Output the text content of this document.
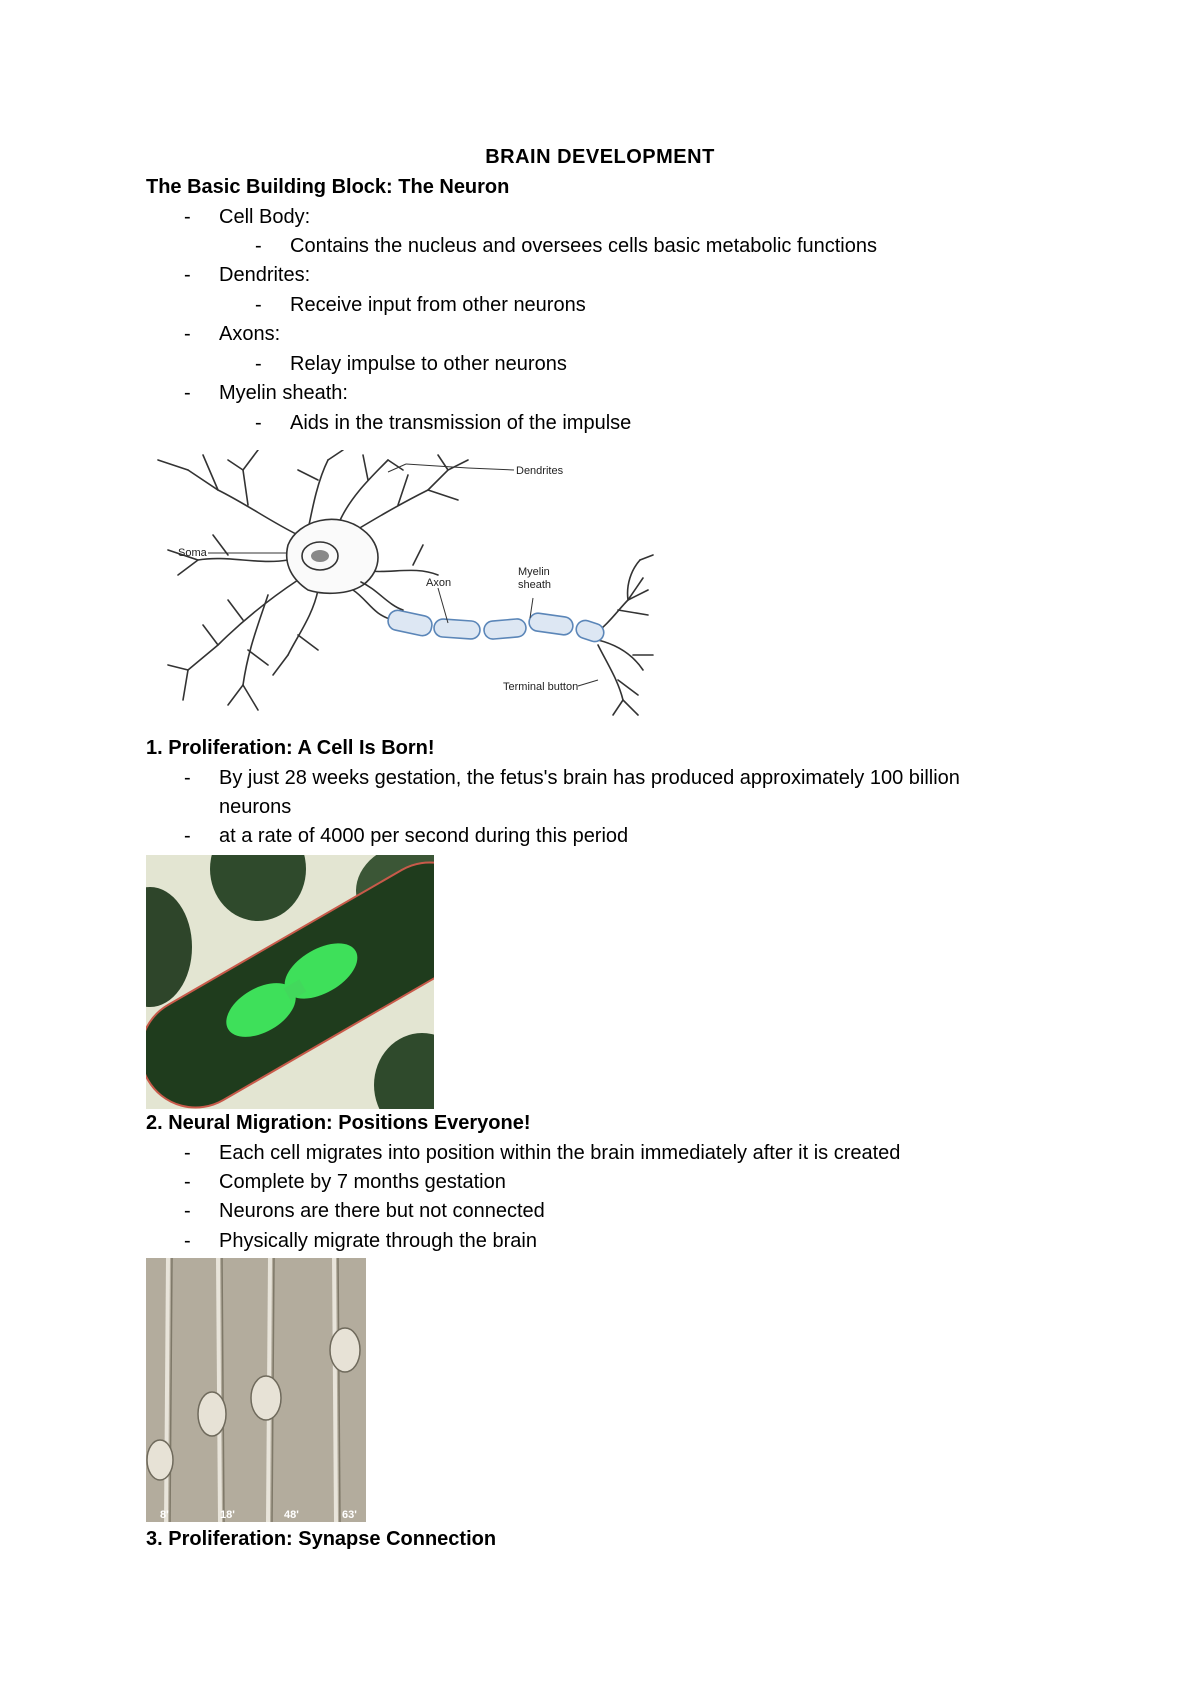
BRAIN DEVELOPMENT
The Basic Building Block: The Neuron
- Cell Body:
- Contains the nucleus and oversees cells basic metabolic functions
- Dendrites:
- Receive input from other neurons
- Axons:
- Relay impulse to other neurons
- Myelin sheath:
- Aids in the transmission of the impulse
Dendrites
Soma
Axon
Myelin
sheath
Terminal button
1. Proliferation: A Cell Is Born!
- By just 28 weeks gestation, the fetus's brain has produced approximately 100 billion
neurons
- at a rate of 4000 per second during this period
2. Neural Migration: Positions Everyone!
- Each cell migrates into position within the brain immediately after it is created
- Complete by 7 months gestation
- Neurons are there but not connected
- Physically migrate through the brain
8'	18'	48'	63'
3. Proliferation: Synapse Connection
